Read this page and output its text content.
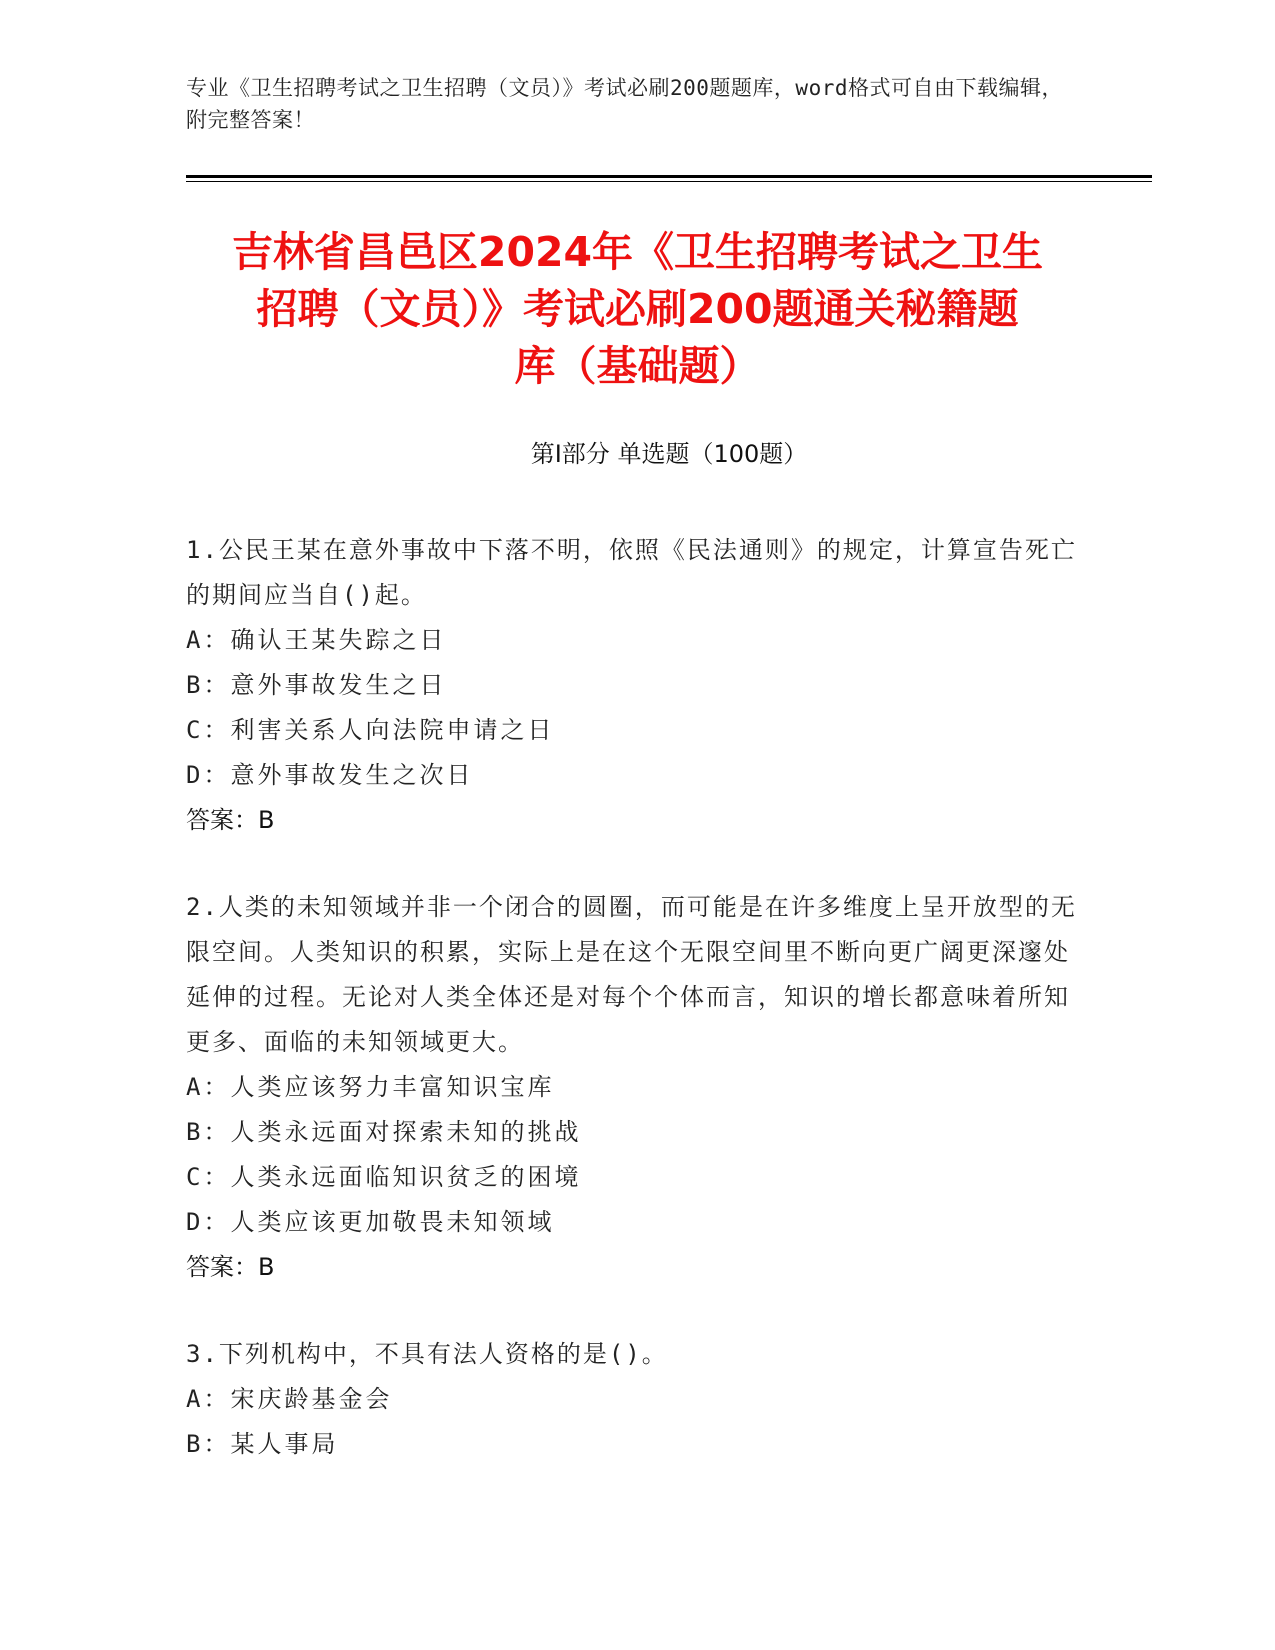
专业《卫生招聘考试之卫生招聘（文员）》考试必刷200题题库，word格式可自由下载编辑，附完整答案！
吉林省昌邑区2024年《卫生招聘考试之卫生
招聘（文员）》考试必刷200题通关秘籍题
库（基础题）
第Ⅰ部分 单选题（100题）

1.公民王某在意外事故中下落不明，依照《民法通则》的规定，计算宣告死亡的期间应当自()起。

A：确认王某失踪之日

B：意外事故发生之日

C：利害关系人向法院申请之日

D：意外事故发生之次日

答案：B

2.人类的未知领域并非一个闭合的圆圈，而可能是在许多维度上呈开放型的无限空间。人类知识的积累，实际上是在这个无限空间里不断向更广阔更深邃处延伸的过程。无论对人类全体还是对每个个体而言，知识的增长都意味着所知更多、面临的未知领域更大。

A：人类应该努力丰富知识宝库

B：人类永远面对探索未知的挑战

C：人类永远面临知识贫乏的困境

D：人类应该更加敬畏未知领域

答案：B

3.下列机构中，不具有法人资格的是()。

A：宋庆龄基金会

B：某人事局
